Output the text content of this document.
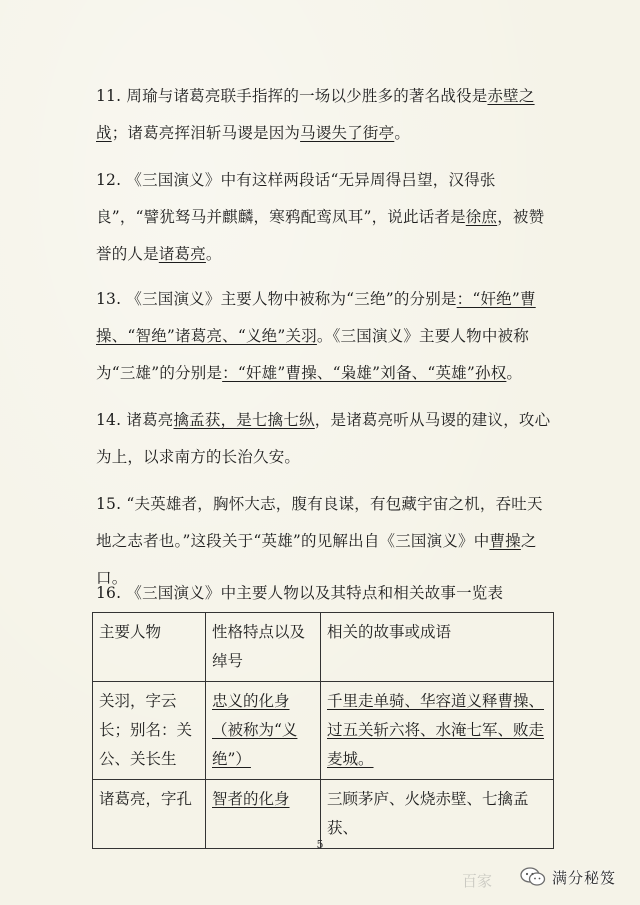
11. 周瑜与诸葛亮联手指挥的一场以少胜多的著名战役是赤壁之战；诸葛亮挥泪斩马谡是因为马谡失了街亭。
12. 《三国演义》中有这样两段话“无异周得吕望，汉得张良”，“譬犹驽马并麒麟，寒鸦配鸾凤耳”，说此话者是徐庶，被赞誉的人是诸葛亮。
13. 《三国演义》主要人物中被称为“三绝”的分别是：“奸绝”曹操、“智绝”诸葛亮、“义绝”关羽。《三国演义》主要人物中被称为“三雄”的分别是：“奸雄”曹操、“枭雄”刘备、“英雄”孙权。
14. 诸葛亮擒孟获，是七擒七纵，是诸葛亮听从马谡的建议，攻心为上，以求南方的长治久安。
15. “夫英雄者，胸怀大志，腹有良谋，有包藏宇宙之机，吞吐天地之志者也。”这段关于“英雄”的见解出自《三国演义》中曹操之口。
16. 《三国演义》中主要人物以及其特点和相关故事一览表
主要人物	性格特点以及绰号	相关的故事或成语
关羽，字云长；别名：关公、关长生	忠义的化身（被称为“义绝”）	千里走单骑、华容道义释曹操、过五关斩六将、水淹七军、败走麦城。
诸葛亮，字孔	智者的化身	三顾茅庐、火烧赤壁、七擒孟获、
5
百家	满分秘笈
